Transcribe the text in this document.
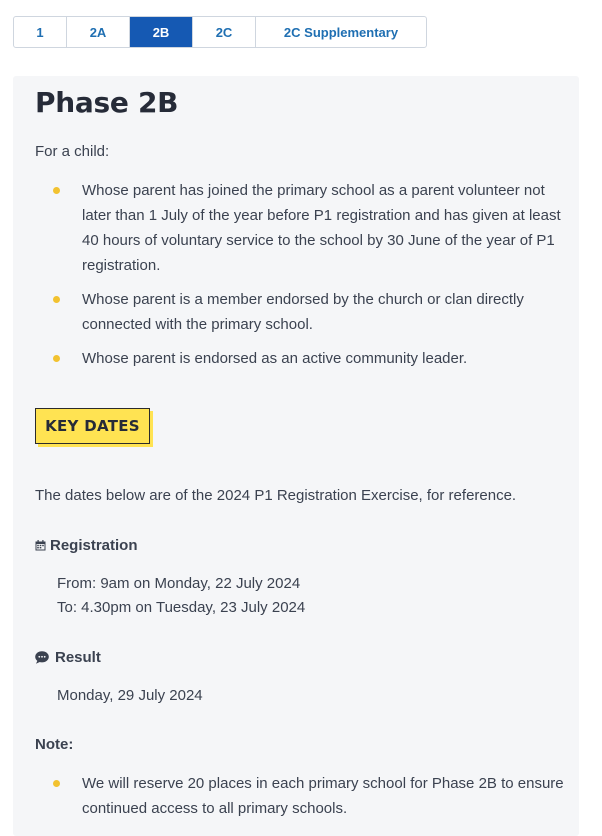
1	2A	2B	2C	2C Supplementary
Phase 2B
For a child:
Whose parent has joined the primary school as a parent volunteer not later than 1 July of the year before P1 registration and has given at least 40 hours of voluntary service to the school by 30 June of the year of P1 registration.
Whose parent is a member endorsed by the church or clan directly connected with the primary school.
Whose parent is endorsed as an active community leader.
KEY DATES
The dates below are of the 2024 P1 Registration Exercise, for reference.
Registration
From: 9am on Monday, 22 July 2024
To: 4.30pm on Tuesday, 23 July 2024
Result
Monday, 29 July 2024
Note:
We will reserve 20 places in each primary school for Phase 2B to ensure continued access to all primary schools.
